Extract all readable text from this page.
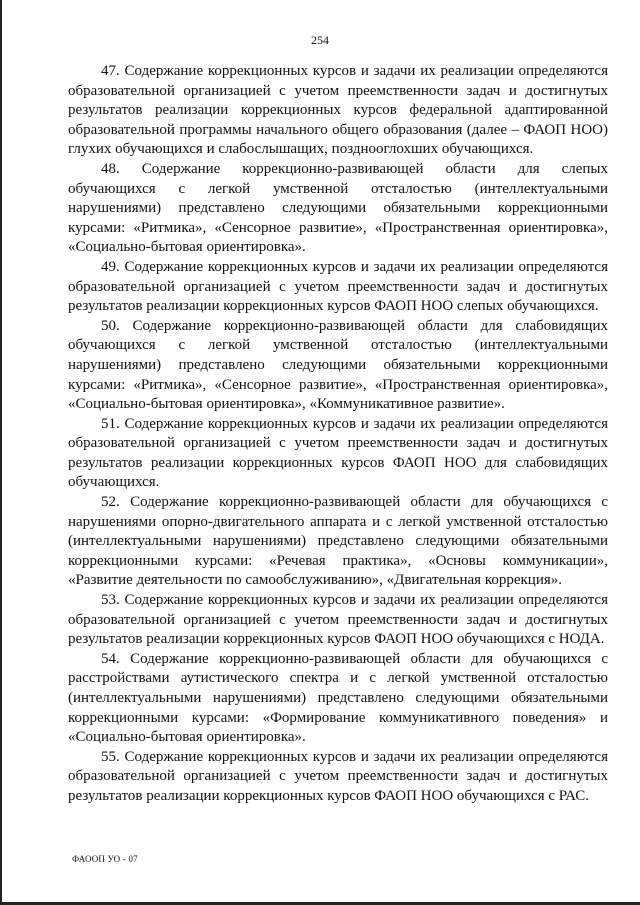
254

47. Содержание коррекционных курсов и задачи их реализации определяются образовательной организацией с учетом преемственности задач и достигнутых результатов реализации коррекционных курсов федеральной адаптированной образовательной программы начального общего образования (далее – ФАОП НОО) глухих обучающихся и слабослышащих, позднооглохших обучающихся.

48. Содержание коррекционно-развивающей области для слепых обучающихся с легкой умственной отсталостью (интеллектуальными нарушениями) представлено следующими обязательными коррекционными курсами: «Ритмика», «Сенсорное развитие», «Пространственная ориентировка», «Социально-бытовая ориентировка».

49. Содержание коррекционных курсов и задачи их реализации определяются образовательной организацией с учетом преемственности задач и достигнутых результатов реализации коррекционных курсов ФАОП НОО слепых обучающихся.

50. Содержание коррекционно-развивающей области для слабовидящих обучающихся с легкой умственной отсталостью (интеллектуальными нарушениями) представлено следующими обязательными коррекционными курсами: «Ритмика», «Сенсорное развитие», «Пространственная ориентировка», «Социально-бытовая ориентировка», «Коммуникативное развитие».

51. Содержание коррекционных курсов и задачи их реализации определяются образовательной организацией с учетом преемственности задач и достигнутых результатов реализации коррекционных курсов ФАОП НОО для слабовидящих обучающихся.

52. Содержание коррекционно-развивающей области для обучающихся с нарушениями опорно-двигательного аппарата и с легкой умственной отсталостью (интеллектуальными нарушениями) представлено следующими обязательными коррекционными курсами: «Речевая практика», «Основы коммуникации», «Развитие деятельности по самообслуживанию», «Двигательная коррекция».

53. Содержание коррекционных курсов и задачи их реализации определяются образовательной организацией с учетом преемственности задач и достигнутых результатов реализации коррекционных курсов ФАОП НОО обучающихся с НОДА.

54. Содержание коррекционно-развивающей области для обучающихся с расстройствами аутистического спектра и с легкой умственной отсталостью (интеллектуальными нарушениями) представлено следующими обязательными коррекционными курсами: «Формирование коммуникативного поведения» и «Социально-бытовая ориентировка».

55. Содержание коррекционных курсов и задачи их реализации определяются образовательной организацией с учетом преемственности задач и достигнутых результатов реализации коррекционных курсов ФАОП НОО обучающихся с РАС.

ФАООП УО - 07
